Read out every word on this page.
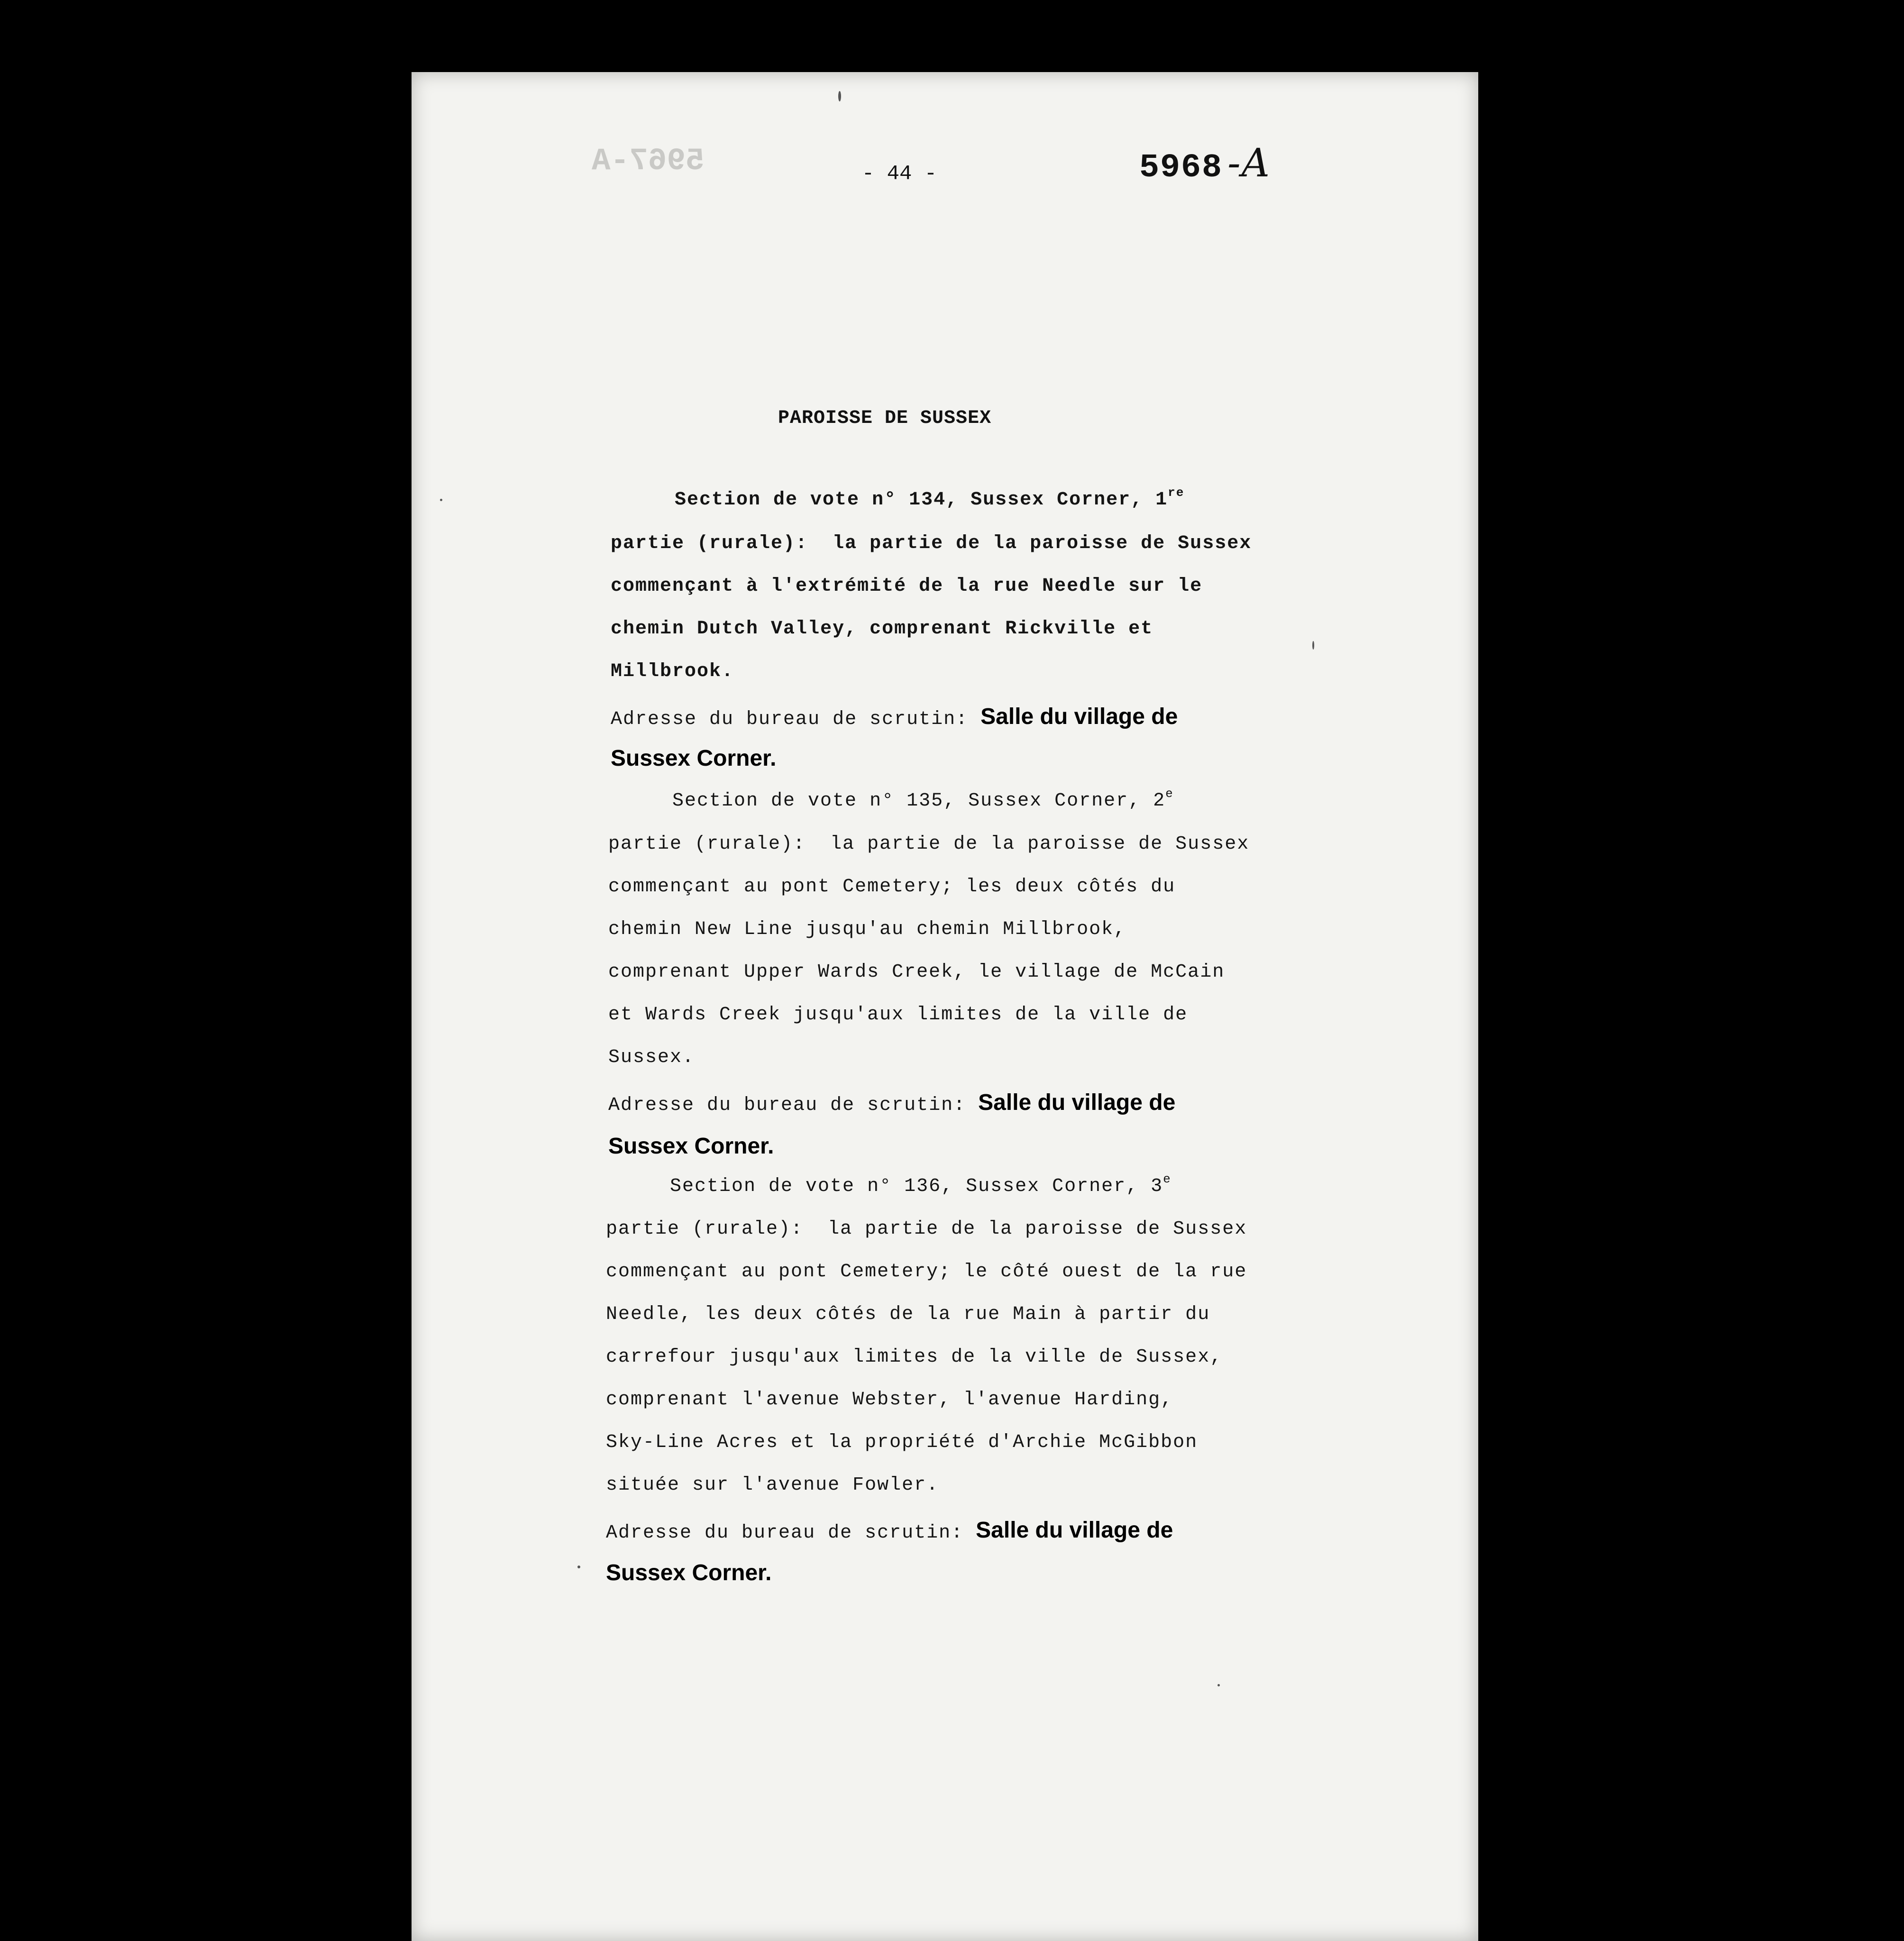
5967-A	- 44 -	5968 -A
PAROISSE DE SUSSEX
Section de vote n° 134, Sussex Corner, 1re
partie (rurale):  la partie de la paroisse de Sussex
commençant à l'extrémité de la rue Needle sur le
chemin Dutch Valley, comprenant Rickville et
Millbrook.
Adresse du bureau de scrutin: Salle du village de
Sussex Corner.
Section de vote n° 135, Sussex Corner, 2e
partie (rurale):  la partie de la paroisse de Sussex
commençant au pont Cemetery; les deux côtés du
chemin New Line jusqu'au chemin Millbrook,
comprenant Upper Wards Creek, le village de McCain
et Wards Creek jusqu'aux limites de la ville de
Sussex.
Adresse du bureau de scrutin: Salle du village de
Sussex Corner.
Section de vote n° 136, Sussex Corner, 3e
partie (rurale):  la partie de la paroisse de Sussex
commençant au pont Cemetery; le côté ouest de la rue
Needle, les deux côtés de la rue Main à partir du
carrefour jusqu'aux limites de la ville de Sussex,
comprenant l'avenue Webster, l'avenue Harding,
Sky-Line Acres et la propriété d'Archie McGibbon
située sur l'avenue Fowler.
Adresse du bureau de scrutin: Salle du village de
Sussex Corner.
